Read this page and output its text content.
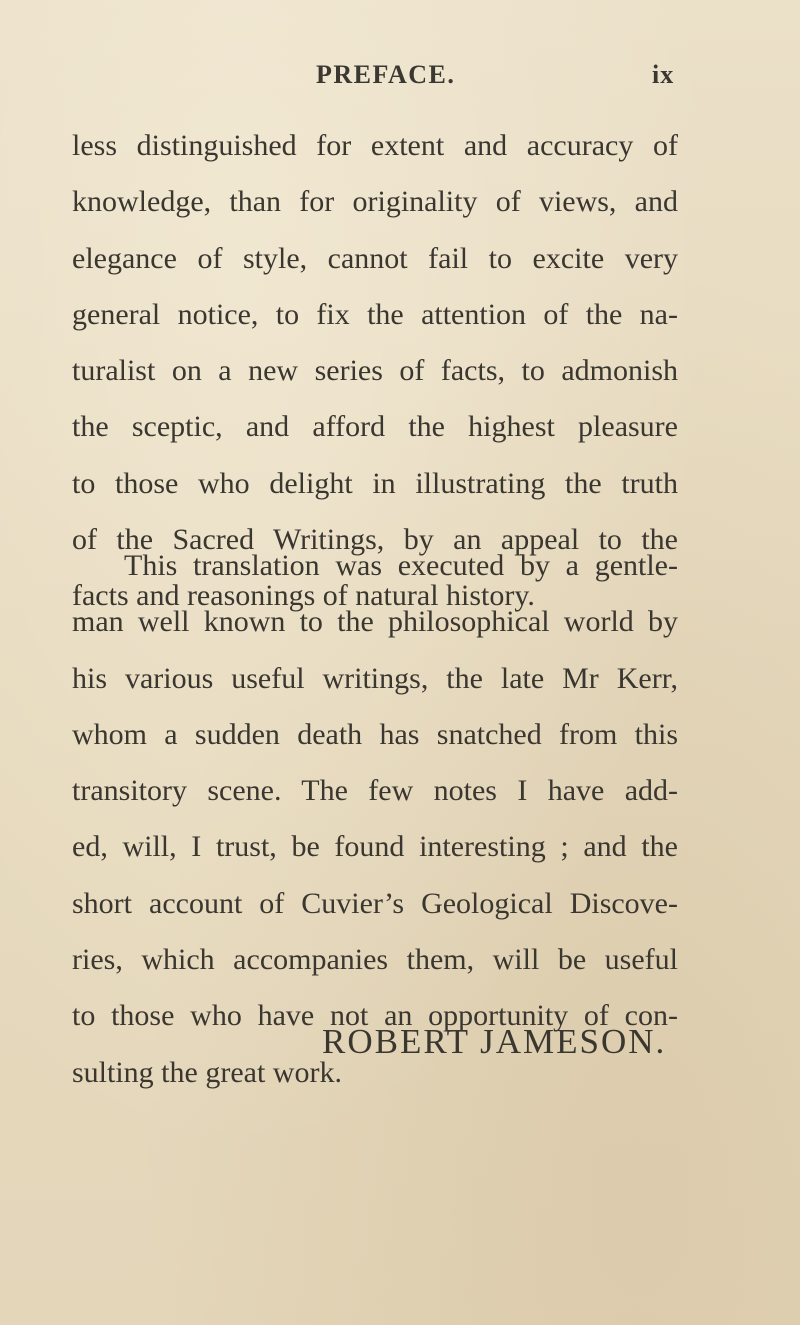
PREFACE.	ix
less distinguished for extent and accuracy of
knowledge, than for originality of views, and
elegance of style, cannot fail to excite very
general notice, to fix the attention of the na-
turalist on a new series of facts, to admonish
the sceptic, and afford the highest pleasure
to those who delight in illustrating the truth
of the Sacred Writings, by an appeal to the
facts and reasonings of natural history.
This translation was executed by a gentle-
man well known to the philosophical world by
his various useful writings, the late Mr Kerr,
whom a sudden death has snatched from this
transitory scene. The few notes I have add-
ed, will, I trust, be found interesting ; and the
short account of Cuvier’s Geological Discove-
ries, which accompanies them, will be useful
to those who have not an opportunity of con-
sulting the great work.
ROBERT JAMESON.
